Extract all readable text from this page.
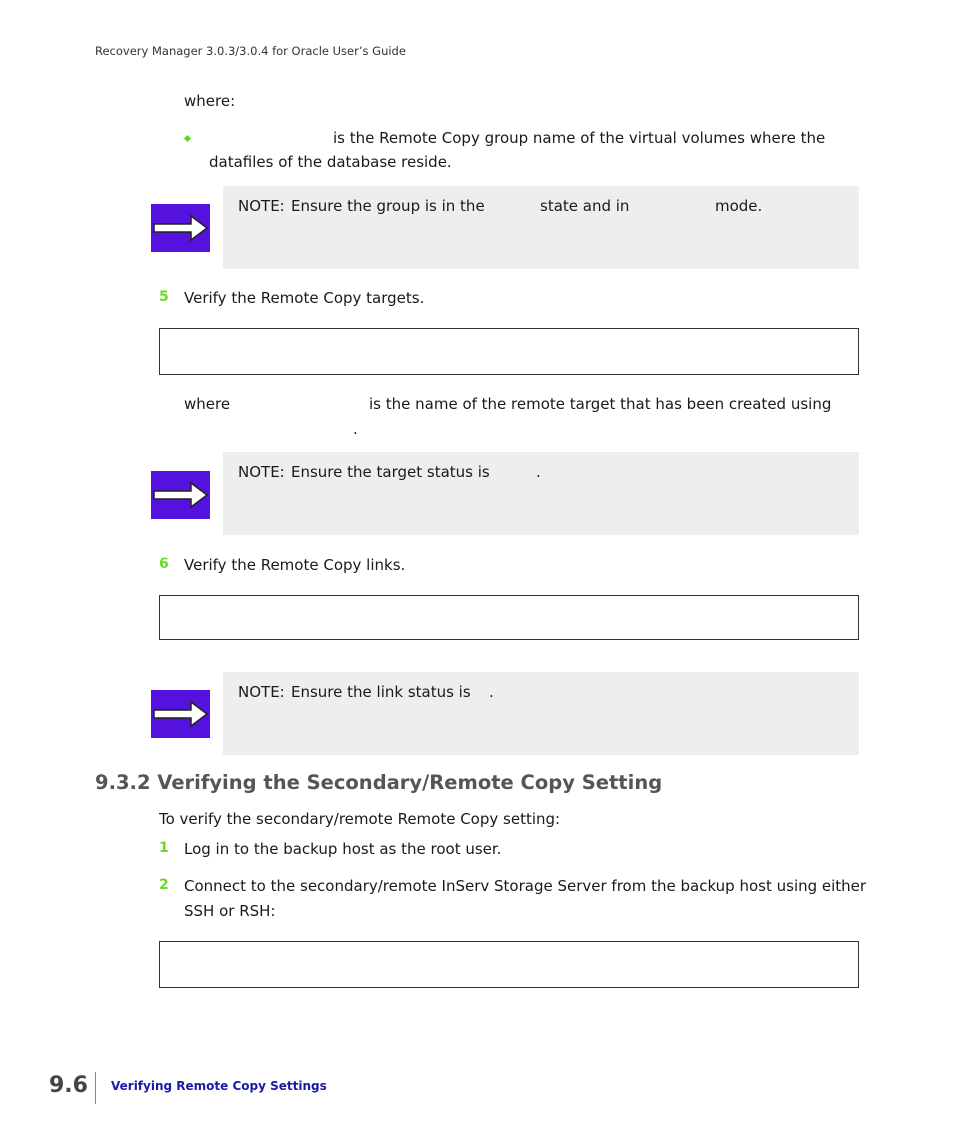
Recovery Manager 3.0.3/3.0.4 for Oracle User’s Guide
where:
is the Remote Copy group name of the virtual volumes where the
datafiles of the database reside.
NOTE: Ensure the group is in the	state and in	mode.
5 Verify the Remote Copy targets.
where	is the name of the remote target that has been created using
.
NOTE: Ensure the target status is	.
6 Verify the Remote Copy links.
NOTE: Ensure the link status is .
9.3.2 Verifying the Secondary/Remote Copy Setting
To verify the secondary/remote Remote Copy setting:
1 Log in to the backup host as the root user.
2 Connect to the secondary/remote InServ Storage Server from the backup host using either
SSH or RSH:
9.6 Verifying Remote Copy Settings
